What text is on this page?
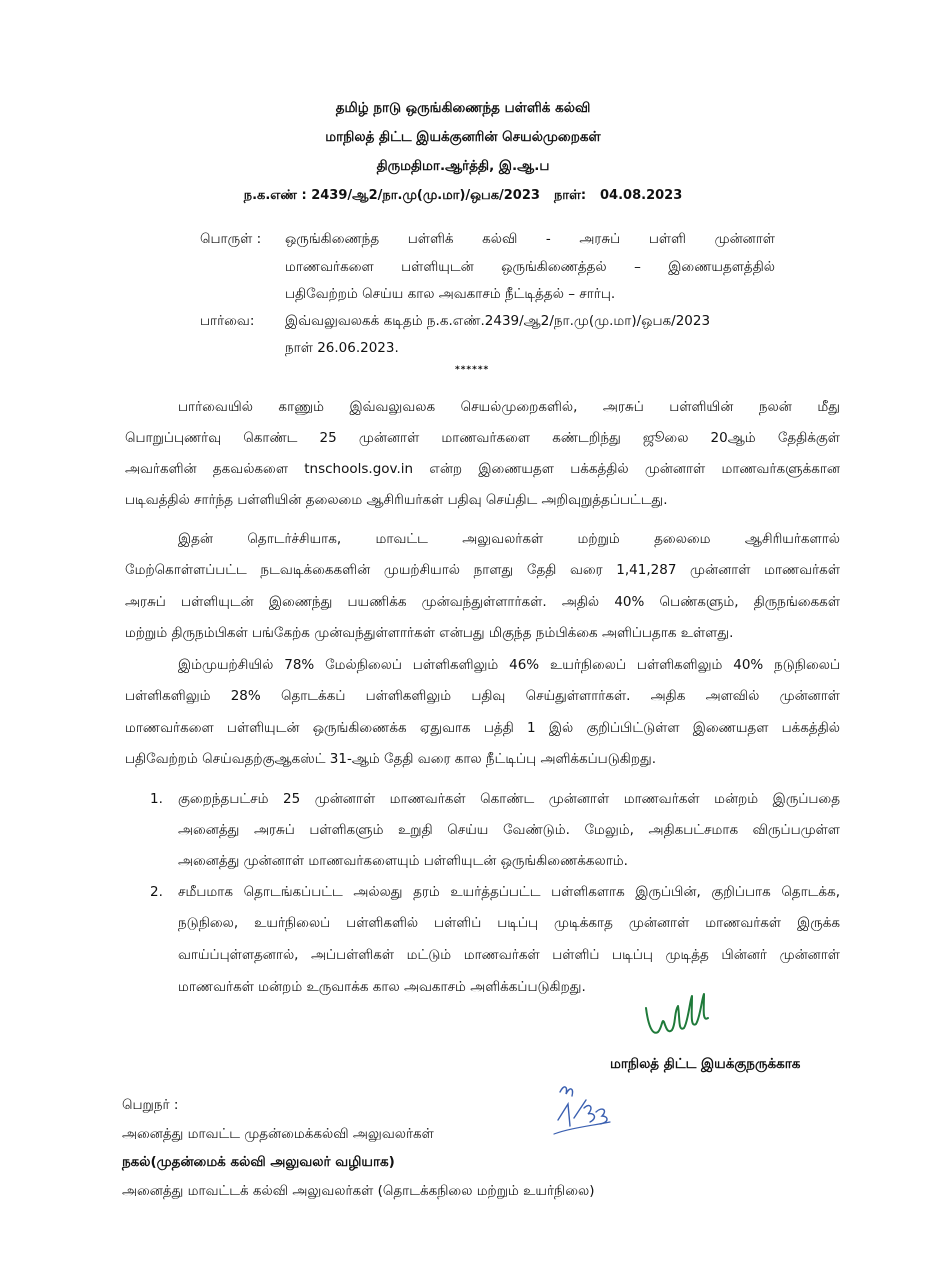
தமிழ் நாடு ஒருங்கிணைந்த பள்ளிக் கல்வி
மாநிலத் திட்ட இயக்குனரின் செயல்முறைகள்
திருமதிமா.ஆர்த்தி, இ.ஆ.ப
ந.க.எண் : 2439/ஆ2/நா.மு(மு.மா)/ஒபக/2023 நாள்: 04.08.2023
பொருள் : ஒருங்கிணைந்த பள்ளிக் கல்வி - அரசுப் பள்ளி முன்னாள்
மாணவர்களை பள்ளியுடன் ஒருங்கிணைத்தல் – இணையதளத்தில்
பதிவேற்றம் செய்ய கால அவகாசம் நீட்டித்தல் – சார்பு.
பார்வை: இவ்வலுவலகக் கடிதம் ந.க.எண்.2439/ஆ2/நா.மு(மு.மா)/ஒபக/2023
நாள் 26.06.2023.
******
பார்வையில் காணும் இவ்வலுவலக செயல்முறைகளில், அரசுப் பள்ளியின் நலன் மீது
பொறுப்புணர்வு கொண்ட 25 முன்னாள் மாணவர்களை கண்டறிந்து ஜூலை 20ஆம் தேதிக்குள்
அவர்களின் தகவல்களை tnschools.gov.in என்ற இணையதள பக்கத்தில் முன்னாள் மாணவர்களுக்கான
படிவத்தில் சார்ந்த பள்ளியின் தலைமை ஆசிரியர்கள் பதிவு செய்திட அறிவுறுத்தப்பட்டது.
இதன் தொடர்ச்சியாக, மாவட்ட அலுவலர்கள் மற்றும் தலைமை ஆசிரியர்களால்
மேற்கொள்ளப்பட்ட நடவடிக்கைகளின் முயற்சியால் நாளது தேதி வரை 1,41,287 முன்னாள் மாணவர்கள்
அரசுப் பள்ளியுடன் இணைந்து பயணிக்க முன்வந்துள்ளார்கள். அதில் 40% பெண்களும், திருநங்கைகள்
மற்றும் திருநம்பிகள் பங்கேற்க முன்வந்துள்ளார்கள் என்பது மிகுந்த நம்பிக்கை அளிப்பதாக உள்ளது.
இம்முயற்சியில் 78% மேல்நிலைப் பள்ளிகளிலும் 46% உயர்நிலைப் பள்ளிகளிலும் 40% நடுநிலைப்
பள்ளிகளிலும் 28% தொடக்கப் பள்ளிகளிலும் பதிவு செய்துள்ளார்கள். அதிக அளவில் முன்னாள்
மாணவர்களை பள்ளியுடன் ஒருங்கிணைக்க ஏதுவாக பத்தி 1 இல் குறிப்பிட்டுள்ள இணையதள பக்கத்தில்
பதிவேற்றம் செய்வதற்குஆகஸ்ட் 31-ஆம் தேதி வரை கால நீட்டிப்பு அளிக்கப்படுகிறது.
1. குறைந்தபட்சம் 25 முன்னாள் மாணவர்கள் கொண்ட முன்னாள் மாணவர்கள் மன்றம் இருப்பதை
அனைத்து அரசுப் பள்ளிகளும் உறுதி செய்ய வேண்டும். மேலும், அதிகபட்சமாக விருப்பமுள்ள
அனைத்து முன்னாள் மாணவர்களையும் பள்ளியுடன் ஒருங்கிணைக்கலாம்.
2. சமீபமாக தொடங்கப்பட்ட அல்லது தரம் உயர்த்தப்பட்ட பள்ளிகளாக இருப்பின், குறிப்பாக தொடக்க,
நடுநிலை, உயர்நிலைப் பள்ளிகளில் பள்ளிப் படிப்பு முடிக்காத முன்னாள் மாணவர்கள் இருக்க
வாய்ப்புள்ளதனால், அப்பள்ளிகள் மட்டும் மாணவர்கள் பள்ளிப் படிப்பு முடித்த பின்னர் முன்னாள்
மாணவர்கள் மன்றம் உருவாக்க கால அவகாசம் அளிக்கப்படுகிறது.
மாநிலத் திட்ட இயக்குநருக்காக
பெறுநர் :
அனைத்து மாவட்ட முதன்மைக்கல்வி அலுவலர்கள்
நகல்(முதன்மைக் கல்வி அலுவலர் வழியாக)
அனைத்து மாவட்டக் கல்வி அலுவலர்கள் (தொடக்கநிலை மற்றும் உயர்நிலை)
